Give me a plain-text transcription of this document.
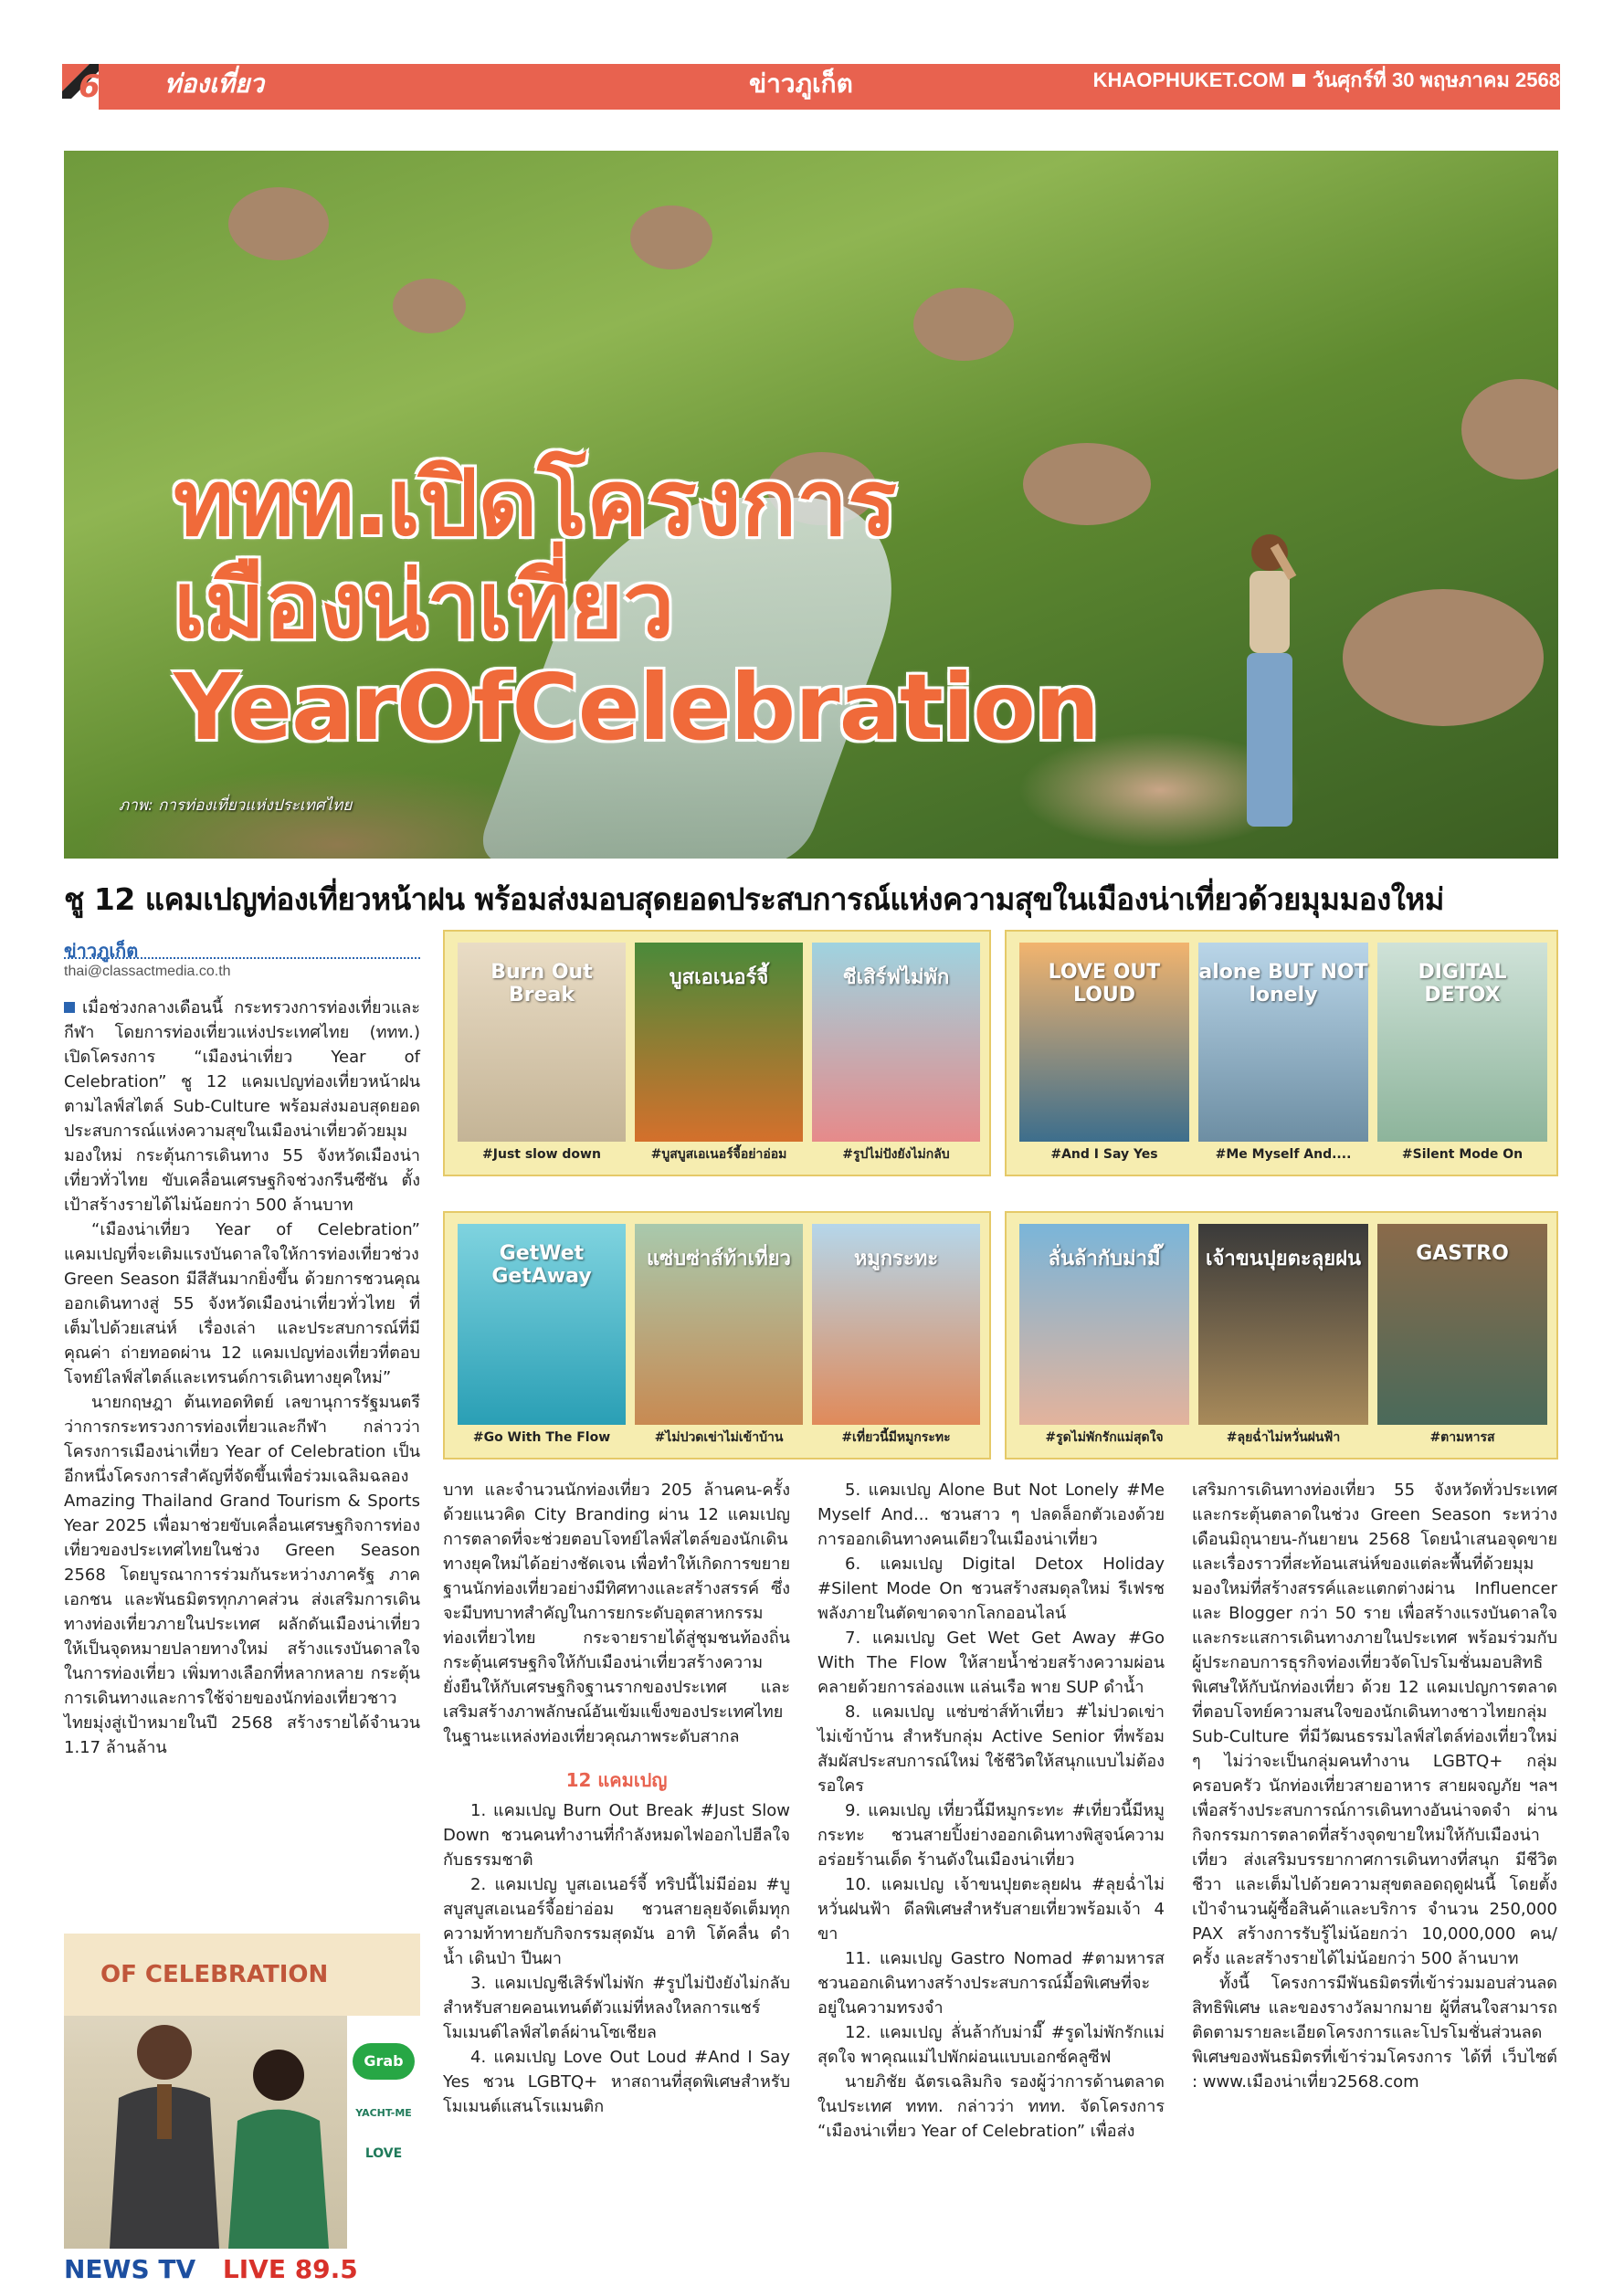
6	ท่องเที่ยว	ข่าวภูเก็ต	KHAOPHUKET.COM วันศุกร์ที่ 30 พฤษภาคม 2568
ททท.เปิดโครงการ
เมืองน่าเที่ยว
YearOfCelebration
ภาพ: การท่องเที่ยวแห่งประเทศไทย
ชู 12 แคมเปญท่องเที่ยวหน้าฝน พร้อมส่งมอบสุดยอดประสบการณ์แห่งความสุขในเมืองน่าเที่ยวด้วยมุมมองใหม่
ข่าวภูเก็ต
thai@classactmedia.co.th

เมื่อช่วงกลางเดือนนี้ กระทรวงการท่องเที่ยวและกีฬา โดยการท่องเที่ยวแห่งประเทศไทย (ททท.) เปิดโครงการ “เมืองน่าเที่ยว Year of Celebration” ชู 12 แคมเปญท่องเที่ยวหน้าฝนตามไลฟ์สไตล์ Sub-Culture พร้อมส่งมอบสุดยอดประสบการณ์แห่งความสุขในเมืองน่าเที่ยวด้วยมุมมองใหม่ กระตุ้นการเดินทาง 55 จังหวัดเมืองน่าเที่ยวทั่วไทย ขับเคลื่อนเศรษฐกิจช่วงกรีนซีซัน ตั้งเป้าสร้างรายได้ไม่น้อยกว่า 500 ล้านบาท

“เมืองน่าเที่ยว Year of Celebration” แคมเปญที่จะเติมแรงบันดาลใจให้การท่องเที่ยวช่วง Green Season มีสีสันมากยิ่งขึ้น ด้วยการชวนคุณออกเดินทางสู่ 55 จังหวัดเมืองน่าเที่ยวทั่วไทย ที่เต็มไปด้วยเสน่ห์ เรื่องเล่า และประสบการณ์ที่มีคุณค่า ถ่ายทอดผ่าน 12 แคมเปญท่องเที่ยวที่ตอบโจทย์ไลฟ์สไตล์และเทรนด์การเดินทางยุคใหม่”

นายกฤษฎา ต้นเทอดทิตย์ เลขานุการรัฐมนตรีว่าการกระทรวงการท่องเที่ยวและกีฬา กล่าวว่า โครงการเมืองน่าเที่ยว Year of Celebration เป็นอีกหนึ่งโครงการสำคัญที่จัดขึ้นเพื่อร่วมเฉลิมฉลอง Amazing Thailand Grand Tourism & Sports Year 2025 เพื่อมาช่วยขับเคลื่อนเศรษฐกิจการท่องเที่ยวของประเทศไทยในช่วง Green Season 2568 โดยบูรณาการร่วมกันระหว่างภาครัฐ ภาคเอกชน และพันธมิตรทุกภาคส่วน ส่งเสริมการเดินทางท่องเที่ยวภายในประเทศ ผลักดันเมืองน่าเที่ยวให้เป็นจุดหมายปลายทางใหม่ สร้างแรงบันดาลใจในการท่องเที่ยว เพิ่มทางเลือกที่หลากหลาย กระตุ้นการเดินทางและการใช้จ่ายของนักท่องเที่ยวชาวไทยมุ่งสู่เป้าหมายในปี 2568 สร้างรายได้จำนวน 1.17 ล้านล้าน

Burn Out Break
#Just slow down
บูสเอเนอร์จี้
#บูสบูสเอเนอร์จี้อย่าอ่อม
ชีเสิร์ฟไม่พัก
#รูปไม่ปังยังไม่กลับ
LOVE OUT LOUD
#And I Say Yes
alone BUT NOT lonely
#Me Myself And....
DIGITAL DETOX
#Silent Mode On
GetWet GetAway
#Go With The Flow
แซ่บซ่าส์ท้าเที่ยว
#ไม่ปวดเข่าไม่เข้าบ้าน
หมูกระทะ
#เที่ยวนี้มีหมูกระทะ
ลั่นล้ากับม่ามี๊
#รูดไม่พักรักแม่สุดใจ
เจ้าขนปุยตะลุยฝน
#ลุยฉ่ำไม่หวั่นฝนฟ้า
GASTRO
#ตามหารส

บาท และจำนวนนักท่องเที่ยว 205 ล้านคน-ครั้ง ด้วยแนวคิด City Branding ผ่าน 12 แคมเปญการตลาดที่จะช่วยตอบโจทย์ไลฟ์สไตล์ของนักเดินทางยุคใหม่ได้อย่างชัดเจน เพื่อทำให้เกิดการขยายฐานนักท่องเที่ยวอย่างมีทิศทางและสร้างสรรค์ ซึ่งจะมีบทบาทสำคัญในการยกระดับอุตสาหกรรมท่องเที่ยวไทย กระจายรายได้สู่ชุมชนท้องถิ่น กระตุ้นเศรษฐกิจให้กับเมืองน่าเที่ยวสร้างความยั่งยืนให้กับเศรษฐกิจฐานรากของประเทศ และเสริมสร้างภาพลักษณ์อันเข้มแข็งของประเทศไทยในฐานะแหล่งท่องเที่ยวคุณภาพระดับสากล

12 แคมเปญ

1. แคมเปญ Burn Out Break #Just Slow Down ชวนคนทำงานที่กำลังหมดไฟออกไปฮีลใจกับธรรมชาติ

2. แคมเปญ บูสเอเนอร์จี้ ทริปนี้ไม่มีอ่อม #บูสบูสบูสเอเนอร์จี้อย่าอ่อม ชวนสายลุยจัดเต็มทุกความท้าทายกับกิจกรรมสุดมัน อาทิ โต้คลื่น ดำน้ำ เดินป่า ปีนผา

3. แคมเปญชีเสิร์ฟไม่พัก #รูปไม่ปังยังไม่กลับ สำหรับสายคอนเทนต์ตัวแม่ที่หลงใหลการแชร์โมเมนต์ไลฟ์สไตล์ผ่านโซเชียล

4. แคมเปญ Love Out Loud #And I Say Yes ชวน LGBTQ+ หาสถานที่สุดพิเศษสำหรับโมเมนต์แสนโรแมนติก

5. แคมเปญ Alone But Not Lonely #Me Myself And... ชวนสาว ๆ ปลดล็อกตัวเองด้วยการออกเดินทางคนเดียวในเมืองน่าเที่ยว

6. แคมเปญ Digital Detox Holiday #Silent Mode On ชวนสร้างสมดุลใหม่ รีเฟรชพลังภายในตัดขาดจากโลกออนไลน์

7. แคมเปญ Get Wet Get Away #Go With The Flow ให้สายน้ำช่วยสร้างความผ่อนคลายด้วยการล่องแพ แล่นเรือ พาย SUP ดำน้ำ

8. แคมเปญ แซ่บซ่าส์ท้าเที่ยว #ไม่ปวดเข่าไม่เข้าบ้าน สำหรับกลุ่ม Active Senior ที่พร้อมสัมผัสประสบการณ์ใหม่ ใช้ชีวิตให้สนุกแบบไม่ต้องรอใคร

9. แคมเปญ เที่ยวนี้มีหมูกระทะ #เที่ยวนี้มีหมูกระทะ ชวนสายปิ้งย่างออกเดินทางพิสูจน์ความอร่อยร้านเด็ด ร้านดังในเมืองน่าเที่ยว

10. แคมเปญ เจ้าขนปุยตะลุยฝน #ลุยฉ่ำไม่หวั่นฝนฟ้า ดีลพิเศษสำหรับสายเที่ยวพร้อมเจ้า 4 ขา

11. แคมเปญ Gastro Nomad #ตามหารส ชวนออกเดินทางสร้างประสบการณ์มื้อพิเศษที่จะอยู่ในความทรงจำ

12. แคมเปญ ลั่นล้ากับม่ามี๊ #รูดไม่พักรักแม่สุดใจ พาคุณแม่ไปพักผ่อนแบบเอกซ์คลูซีฟ

นายภิชัย ฉัตรเฉลิมกิจ รองผู้ว่าการด้านตลาดในประเทศ ททท. กล่าวว่า ททท. จัดโครงการ “เมืองน่าเที่ยว Year of Celebration” เพื่อส่ง

เสริมการเดินทางท่องเที่ยว 55 จังหวัดทั่วประเทศ และกระตุ้นตลาดในช่วง Green Season ระหว่างเดือนมิถุนายน-กันยายน 2568 โดยนำเสนอจุดขายและเรื่องราวที่สะท้อนเสน่ห์ของแต่ละพื้นที่ด้วยมุมมองใหม่ที่สร้างสรรค์และแตกต่างผ่าน Influencer และ Blogger กว่า 50 ราย เพื่อสร้างแรงบันดาลใจและกระแสการเดินทางภายในประเทศ พร้อมร่วมกับผู้ประกอบการธุรกิจท่องเที่ยวจัดโปรโมชั่นมอบสิทธิพิเศษให้กับนักท่องเที่ยว ด้วย 12 แคมเปญการตลาดที่ตอบโจทย์ความสนใจของนักเดินทางชาวไทยกลุ่ม Sub-Culture ที่มีวัฒนธรรมไลฟ์สไตล์ท่องเที่ยวใหม่ ๆ ไม่ว่าจะเป็นกลุ่มคนทำงาน LGBTQ+ กลุ่มครอบครัว นักท่องเที่ยวสายอาหาร สายผจญภัย ฯลฯ เพื่อสร้างประสบการณ์การเดินทางอันน่าจดจำ ผ่านกิจกรรมการตลาดที่สร้างจุดขายใหม่ให้กับเมืองน่าเที่ยว ส่งเสริมบรรยากาศการเดินทางที่สนุก มีชีวิตชีวา และเต็มไปด้วยความสุขตลอดฤดูฝนนี้ โดยตั้งเป้าจำนวนผู้ซื้อสินค้าและบริการ จำนวน 250,000 PAX สร้างการรับรู้ไม่น้อยกว่า 10,000,000 คน/ครั้ง และสร้างรายได้ไม่น้อยกว่า 500 ล้านบาท

ทั้งนี้ โครงการมีพันธมิตรที่เข้าร่วมมอบส่วนลดสิทธิพิเศษ และของรางวัลมากมาย ผู้ที่สนใจสามารถติดตามรายละเอียดโครงการและโปรโมชั่นส่วนลดพิเศษของพันธมิตรที่เข้าร่วมโครงการ ได้ที่ เว็บไซต์ : www.เมืองน่าเที่ยว2568.com

OF CELEBRATION
Grab
YACHT-ME
LOVE
NEWS TV LIVE 89.5
